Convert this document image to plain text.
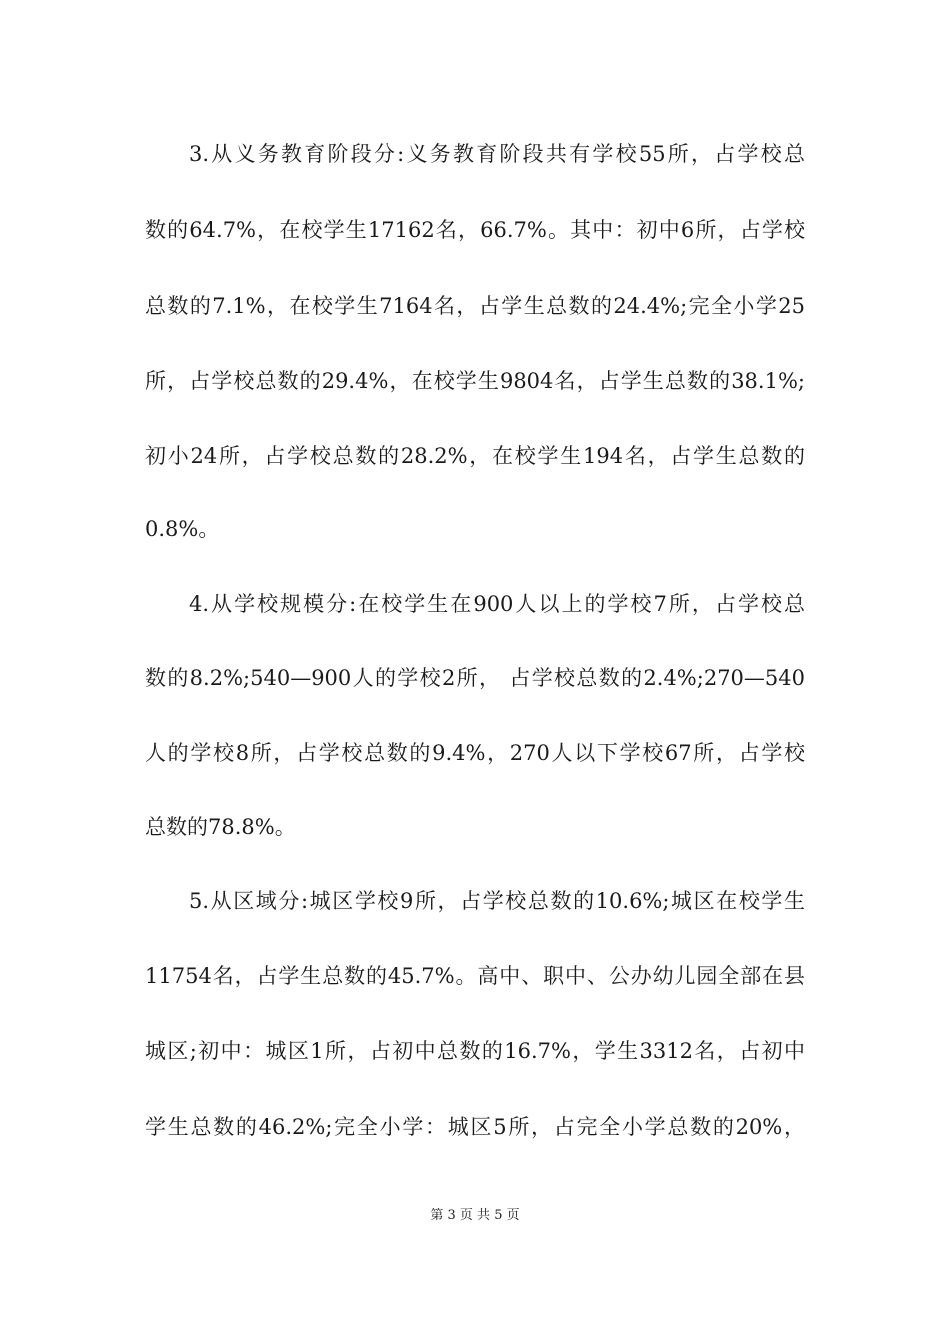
3.从义务教育阶段分:义务教育阶段共有学校55所，占学校总
数的64.7%，在校学生17162名，66.7%。其中：初中6所，占学校
总数的7.1%，在校学生7164名，占学生总数的24.4%;完全小学25
所，占学校总数的29.4%，在校学生9804名，占学生总数的38.1%;
初小24所，占学校总数的28.2%，在校学生194名，占学生总数的
0.8%。
4.从学校规模分:在校学生在900人以上的学校7所，占学校总
数的8.2%;540—900人的学校2所， 占学校总数的2.4%;270—540
人的学校8所，占学校总数的9.4%，270人以下学校67所，占学校
总数的78.8%。
5.从区域分:城区学校9所，占学校总数的10.6%;城区在校学生
11754名，占学生总数的45.7%。高中、职中、公办幼儿园全部在县
城区;初中：城区1所，占初中总数的16.7%，学生3312名，占初中
学生总数的46.2%;完全小学：城区5所，占完全小学总数的20%，
第 3 页 共 5 页
